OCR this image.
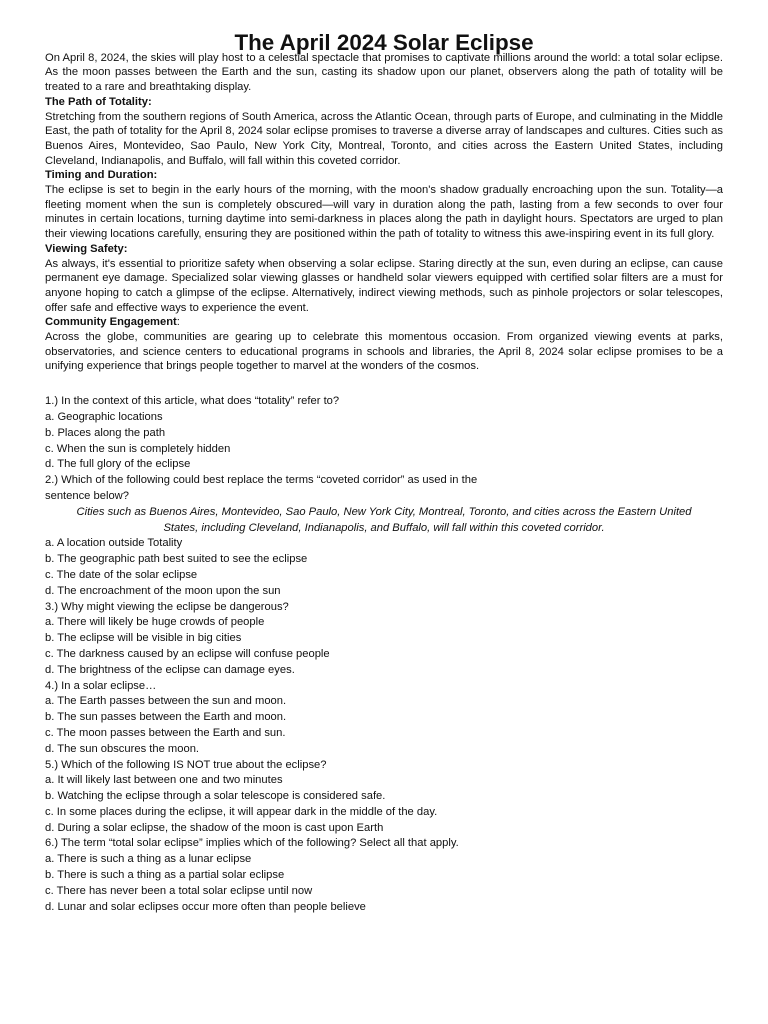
The April 2024 Solar Eclipse

On April 8, 2024, the skies will play host to a celestial spectacle that promises to captivate millions around the world: a total solar eclipse. As the moon passes between the Earth and the sun, casting its shadow upon our planet, observers along the path of totality will be treated to a rare and breathtaking display.

The Path of Totality:

Stretching from the southern regions of South America, across the Atlantic Ocean, through parts of Europe, and culminating in the Middle East, the path of totality for the April 8, 2024 solar eclipse promises to traverse a diverse array of landscapes and cultures. Cities such as Buenos Aires, Montevideo, Sao Paulo, New York City, Montreal, Toronto, and cities across the Eastern United States, including Cleveland, Indianapolis, and Buffalo, will fall within this coveted corridor.

Timing and Duration:

The eclipse is set to begin in the early hours of the morning, with the moon's shadow gradually encroaching upon the sun. Totality—a fleeting moment when the sun is completely obscured—will vary in duration along the path, lasting from a few seconds to over four minutes in certain locations, turning daytime into semi-darkness in places along the path in daylight hours. Spectators are urged to plan their viewing locations carefully, ensuring they are positioned within the path of totality to witness this awe-inspiring event in its full glory.

Viewing Safety:

As always, it's essential to prioritize safety when observing a solar eclipse. Staring directly at the sun, even during an eclipse, can cause permanent eye damage. Specialized solar viewing glasses or handheld solar viewers equipped with certified solar filters are a must for anyone hoping to catch a glimpse of the eclipse. Alternatively, indirect viewing methods, such as pinhole projectors or solar telescopes, offer safe and effective ways to experience the event.

Community Engagement:

Across the globe, communities are gearing up to celebrate this momentous occasion. From organized viewing events at parks, observatories, and science centers to educational programs in schools and libraries, the April 8, 2024 solar eclipse promises to be a unifying experience that brings people together to marvel at the wonders of the cosmos.

1.) In the context of this article, what does “totality” refer to?

a. Geographic locations

b. Places along the path

c. When the sun is completely hidden

d. The full glory of the eclipse

2.) Which of the following could best replace the terms “coveted corridor” as used in the

sentence below?

Cities such as Buenos Aires, Montevideo, Sao Paulo, New York City, Montreal, Toronto, and cities across the Eastern United States, including Cleveland, Indianapolis, and Buffalo, will fall within this coveted corridor.

a. A location outside Totality

b. The geographic path best suited to see the eclipse

c. The date of the solar eclipse

d. The encroachment of the moon upon the sun

3.) Why might viewing the eclipse be dangerous?

a. There will likely be huge crowds of people

b. The eclipse will be visible in big cities

c. The darkness caused by an eclipse will confuse people

d. The brightness of the eclipse can damage eyes.

4.) In a solar eclipse…

a. The Earth passes between the sun and moon.

b. The sun passes between the Earth and moon.

c. The moon passes between the Earth and sun.

d. The sun obscures the moon.

5.) Which of the following IS NOT true about the eclipse?

a. It will likely last between one and two minutes

b. Watching the eclipse through a solar telescope is considered safe.

c. In some places during the eclipse, it will appear dark in the middle of the day.

d. During a solar eclipse, the shadow of the moon is cast upon Earth

6.) The term “total solar eclipse” implies which of the following? Select all that apply.

a. There is such a thing as a lunar eclipse

b. There is such a thing as a partial solar eclipse

c. There has never been a total solar eclipse until now

d. Lunar and solar eclipses occur more often than people believe
